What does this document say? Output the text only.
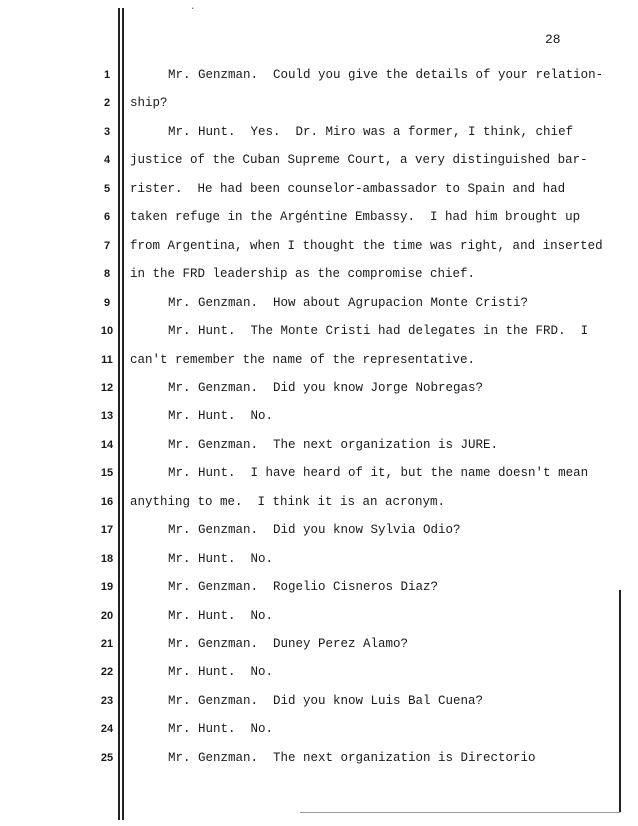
.
28
1	Mr. Genzman.  Could you give the details of your relation-
2	ship?
3	Mr. Hunt.  Yes.  Dr. Miro was a former, I think, chief
4	justice of the Cuban Supreme Court, a very distinguished bar-
5	rister.  He had been counselor-ambassador to Spain and had
6	taken refuge in the Argéntine Embassy.  I had him brought up
7	from Argentina, when I thought the time was right, and inserted
8	in the FRD leadership as the compromise chief.
9	Mr. Genzman.  How about Agrupacion Monte Cristi?
10	Mr. Hunt.  The Monte Cristi had delegates in the FRD.  I
11	can't remember the name of the representative.
12	Mr. Genzman.  Did you know Jorge Nobregas?
13	Mr. Hunt.  No.
14	Mr. Genzman.  The next organization is JURE.
15	Mr. Hunt.  I have heard of it, but the name doesn't mean
16	anything to me.  I think it is an acronym.
17	Mr. Genzman.  Did you know Sylvia Odio?
18	Mr. Hunt.  No.
19	Mr. Genzman.  Rogelio Cisneros Diaz?
20	Mr. Hunt.  No.
21	Mr. Genzman.  Duney Perez Alamo?
22	Mr. Hunt.  No.
23	Mr. Genzman.  Did you know Luis Bal Cuena?
24	Mr. Hunt.  No.
25	Mr. Genzman.  The next organization is Directorio
